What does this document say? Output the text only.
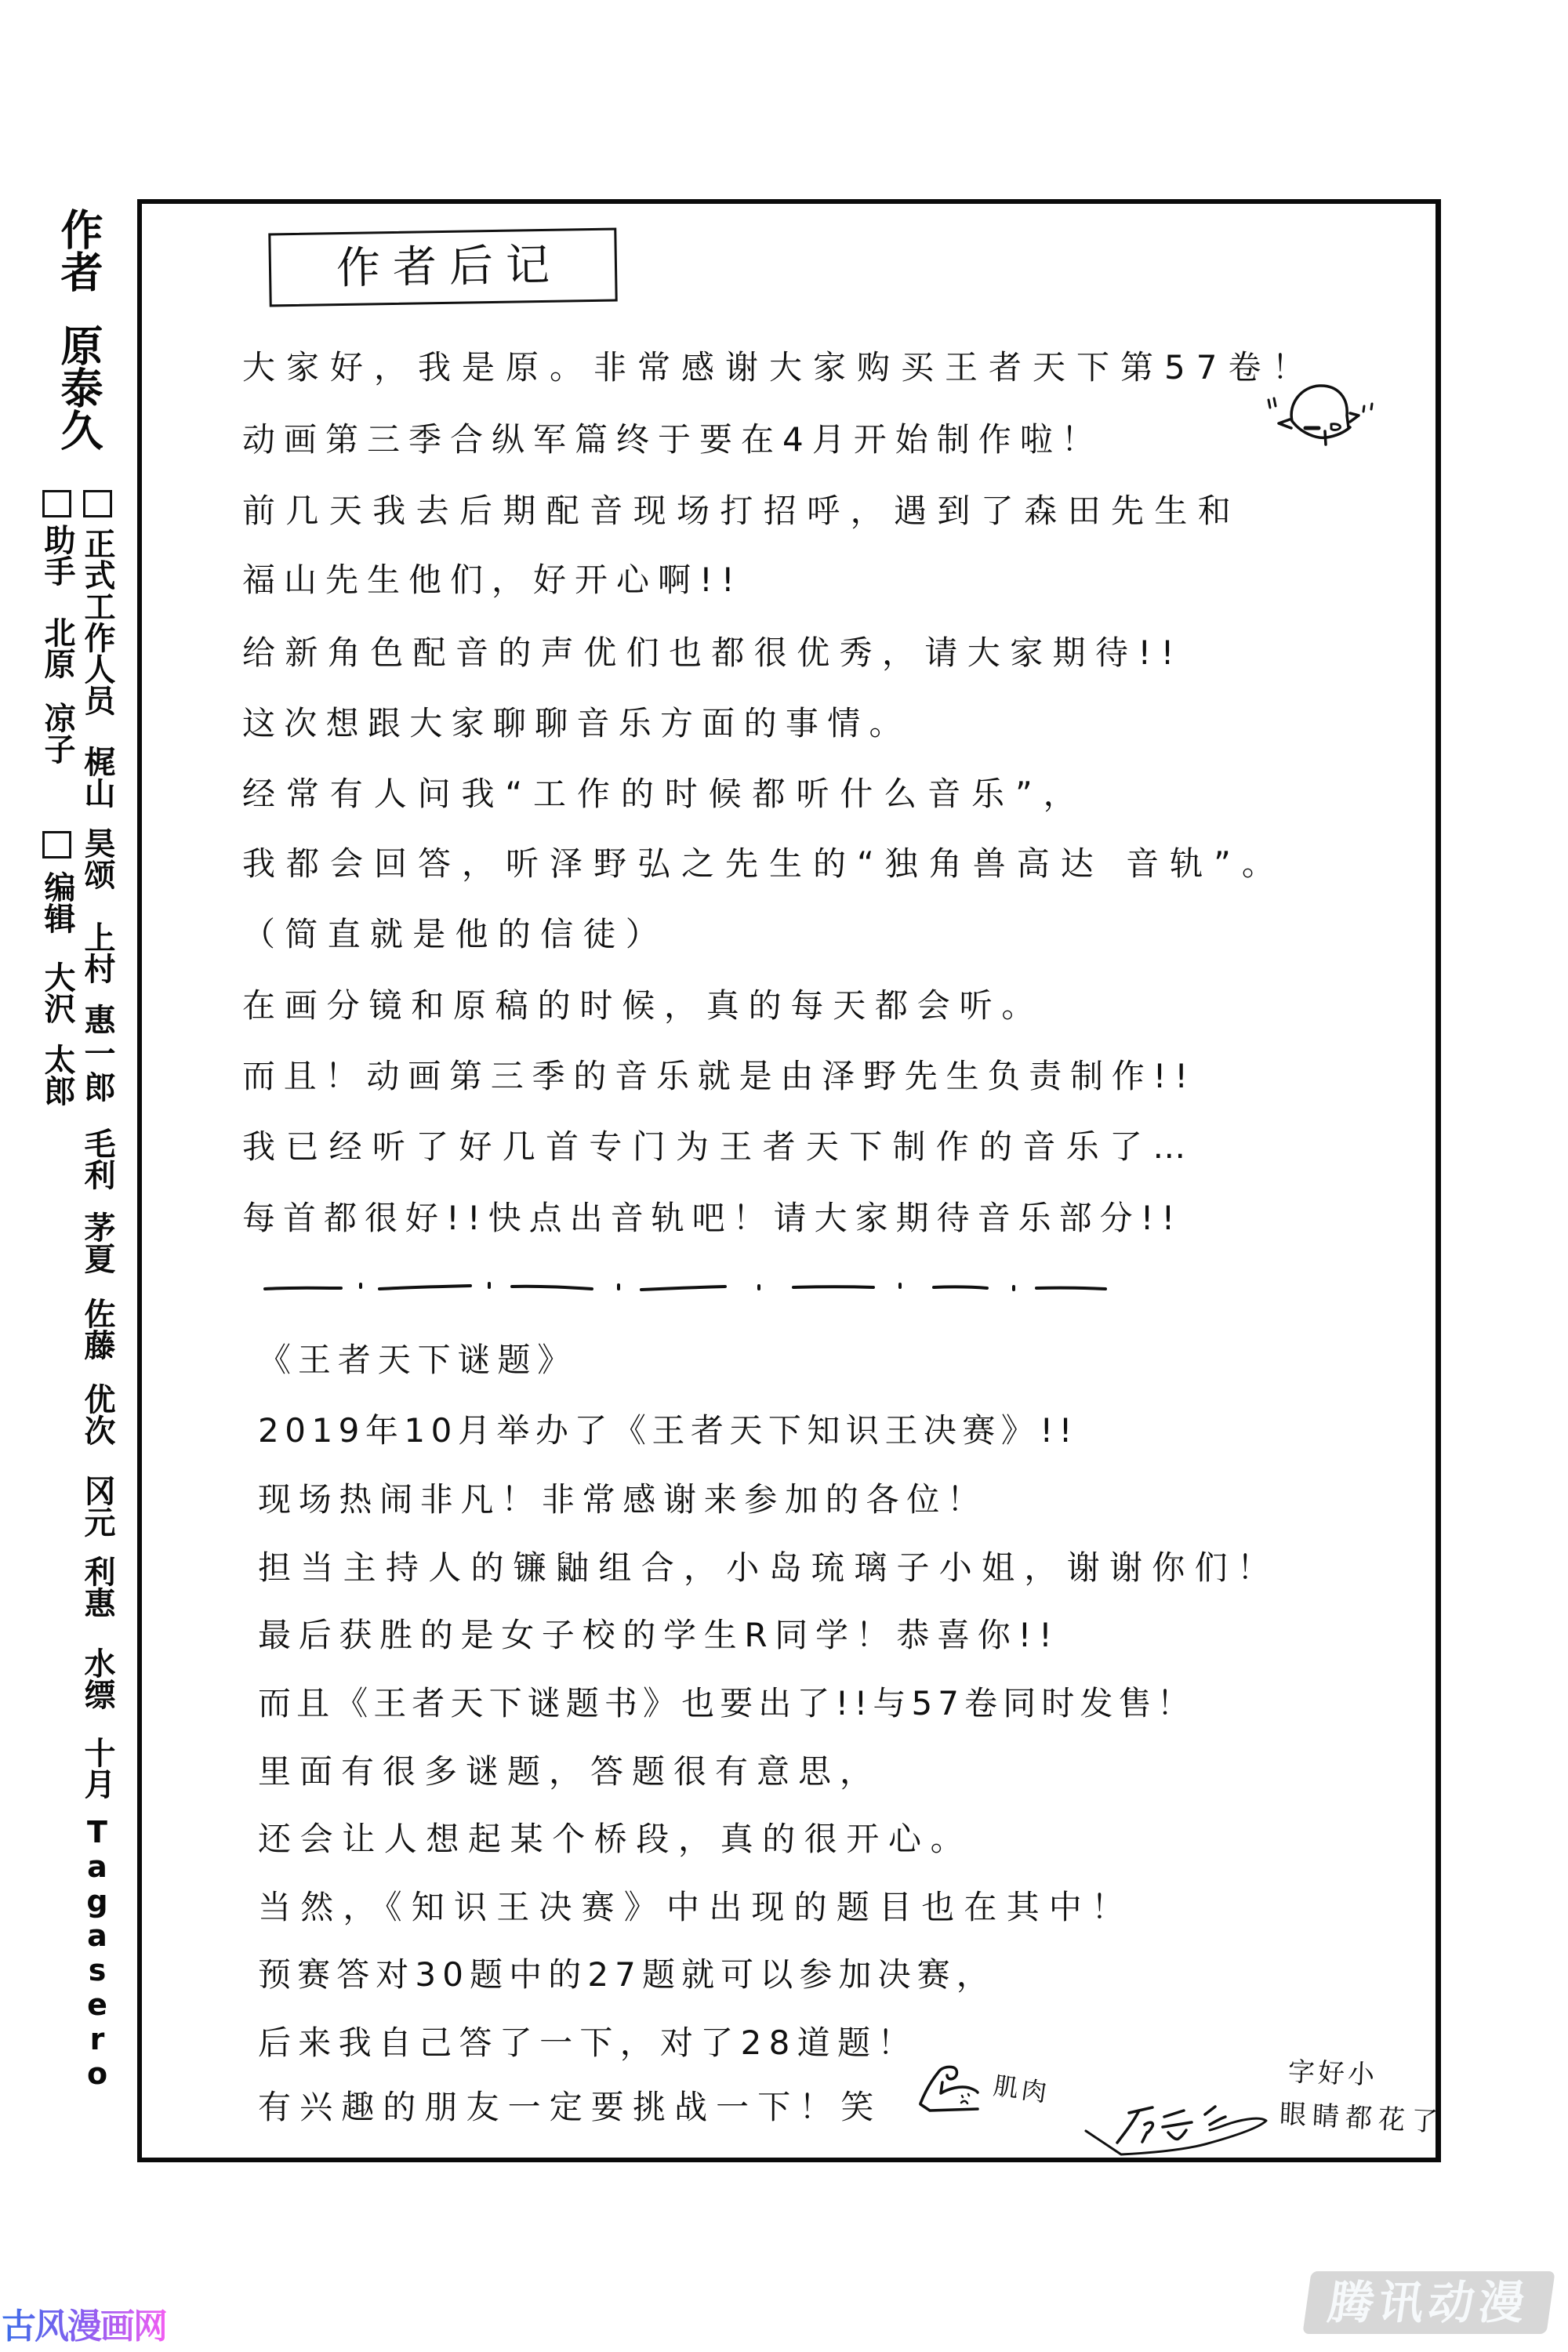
作者
原泰久
正式工作人员
梶山
昊颂
上村
惠一郎
毛利
茅夏
佐藤
优次
冈元
利惠
水缥
十月
Tagasero
助手
北原
凉子
编辑
大沢
太郎
作者后记
大家好，我是原。非常感谢大家购买王者天下第57卷！
动画第三季合纵军篇终于要在4月开始制作啦！
前几天我去后期配音现场打招呼，遇到了森田先生和
福山先生他们，好开心啊!!
给新角色配音的声优们也都很优秀，请大家期待!!
这次想跟大家聊聊音乐方面的事情。
经常有人问我“工作的时候都听什么音乐”，
我都会回答，听泽野弘之先生的“独角兽高达 音轨”。
（简直就是他的信徒）
在画分镜和原稿的时候，真的每天都会听。
而且！动画第三季的音乐就是由泽野先生负责制作!!
我已经听了好几首专门为王者天下制作的音乐了…
每首都很好!!快点出音轨吧！请大家期待音乐部分!!
《王者天下谜题》
2019年10月举办了《王者天下知识王决赛》!!
现场热闹非凡！非常感谢来参加的各位！
担当主持人的镰鼬组合，小岛琉璃子小姐，谢谢你们！
最后获胜的是女子校的学生R同学！恭喜你!!
而且《王者天下谜题书》也要出了!!与57卷同时发售！
里面有很多谜题，答题很有意思，
还会让人想起某个桥段，真的很开心。
当然，《知识王决赛》中出现的题目也在其中！
预赛答对30题中的27题就可以参加决赛，
后来我自己答了一下，对了28道题！
有兴趣的朋友一定要挑战一下！笑	肌肉	字好小
眼睛都花了
古风漫画网	腾讯动漫
